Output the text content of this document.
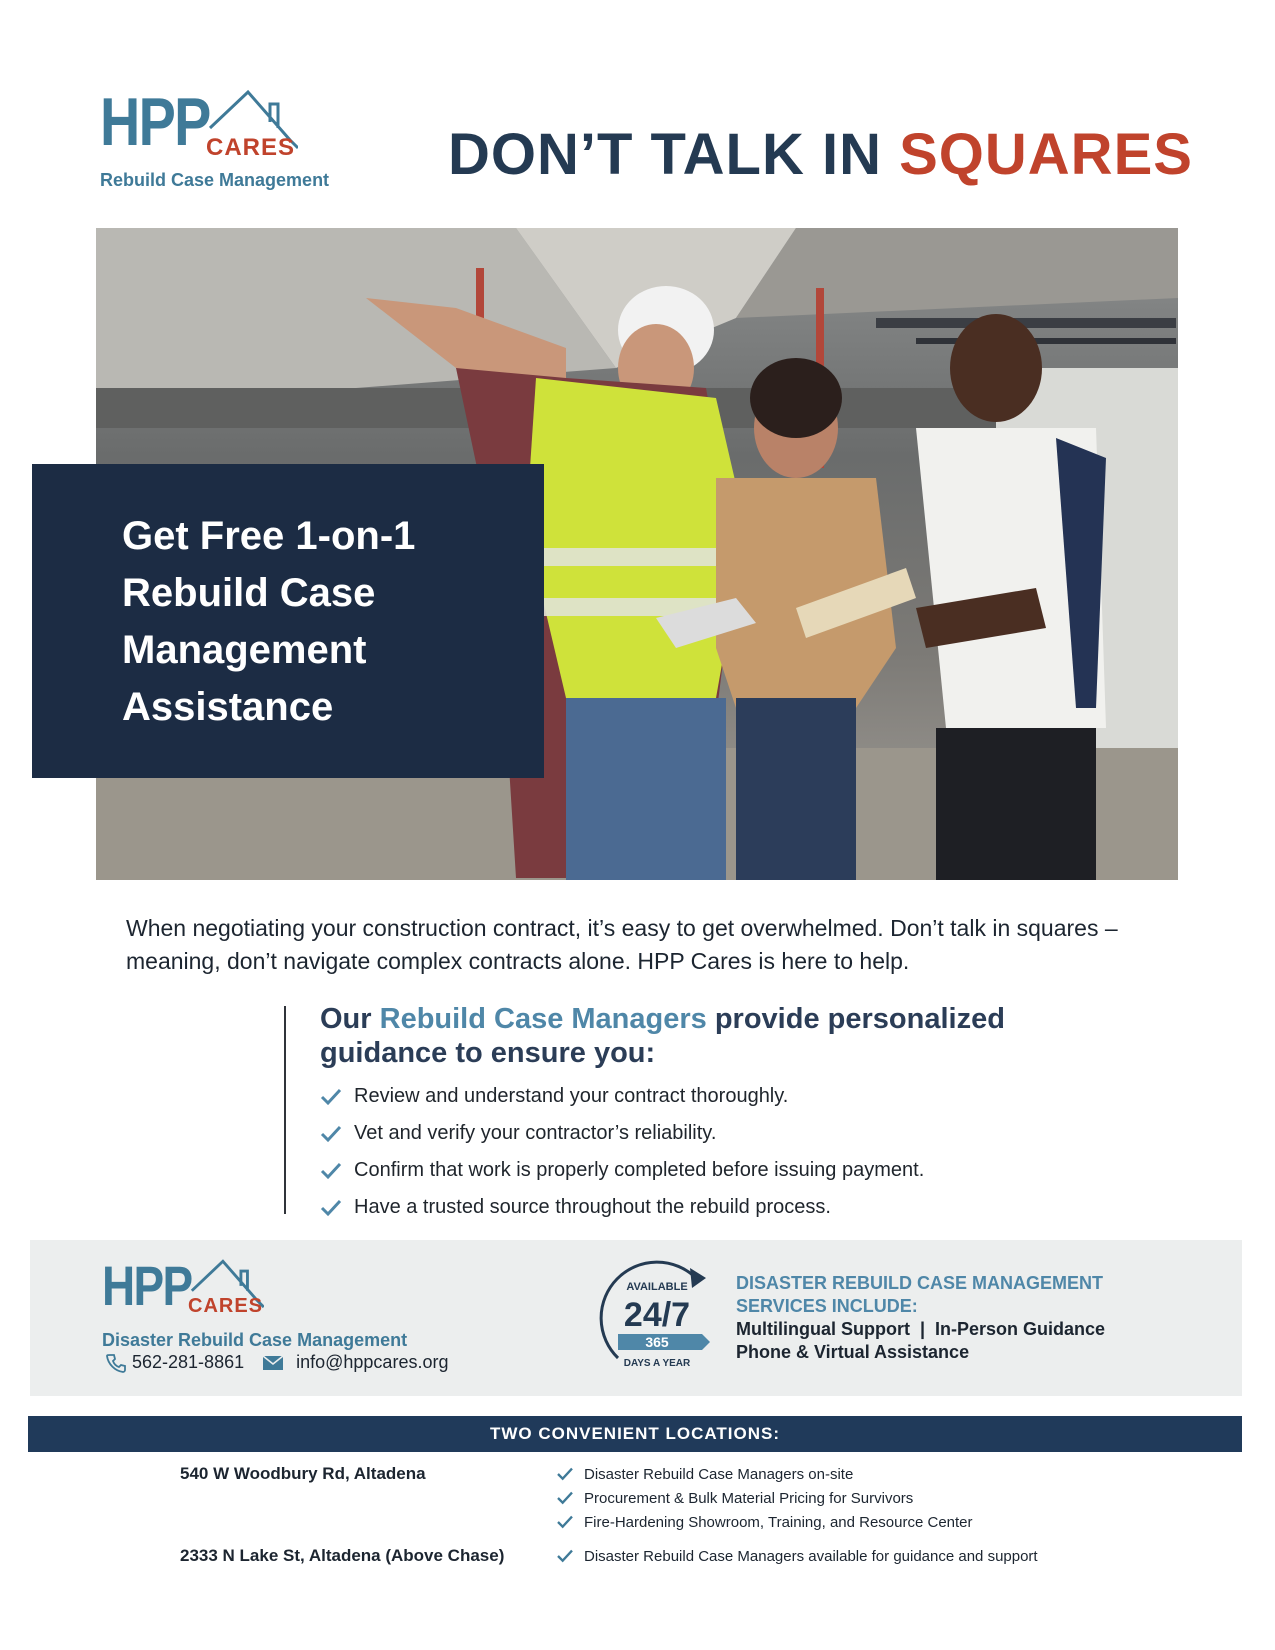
HPP
CARES
Rebuild Case Management DON’T TALK IN SQUARES
Get Free 1-on-1
Rebuild Case
Management
Assistance
When negotiating your construction contract, it’s easy to get overwhelmed. Don’t talk in squares – meaning, don’t navigate complex contracts alone. HPP Cares is here to help.
Our Rebuild Case Managers provide personalized guidance to ensure you:
Review and understand your contract thoroughly.
Vet and verify your contractor’s reliability.
Confirm that work is properly completed before issuing payment.
Have a trusted source throughout the rebuild process.
HPP
CARES
Disaster Rebuild Case Management
562-281-8861	info@hppcares.org
AVAILABLE
24/7
365
DAYS A YEAR
DISASTER REBUILD CASE MANAGEMENT
SERVICES INCLUDE:
Multilingual Support  |  In-Person Guidance
Phone & Virtual Assistance
TWO CONVENIENT LOCATIONS:
540 W Woodbury Rd, Altadena	Disaster Rebuild Case Managers on-site
Procurement & Bulk Material Pricing for Survivors
Fire-Hardening Showroom, Training, and Resource Center
2333 N Lake St, Altadena (Above Chase)	Disaster Rebuild Case Managers available for guidance and support
